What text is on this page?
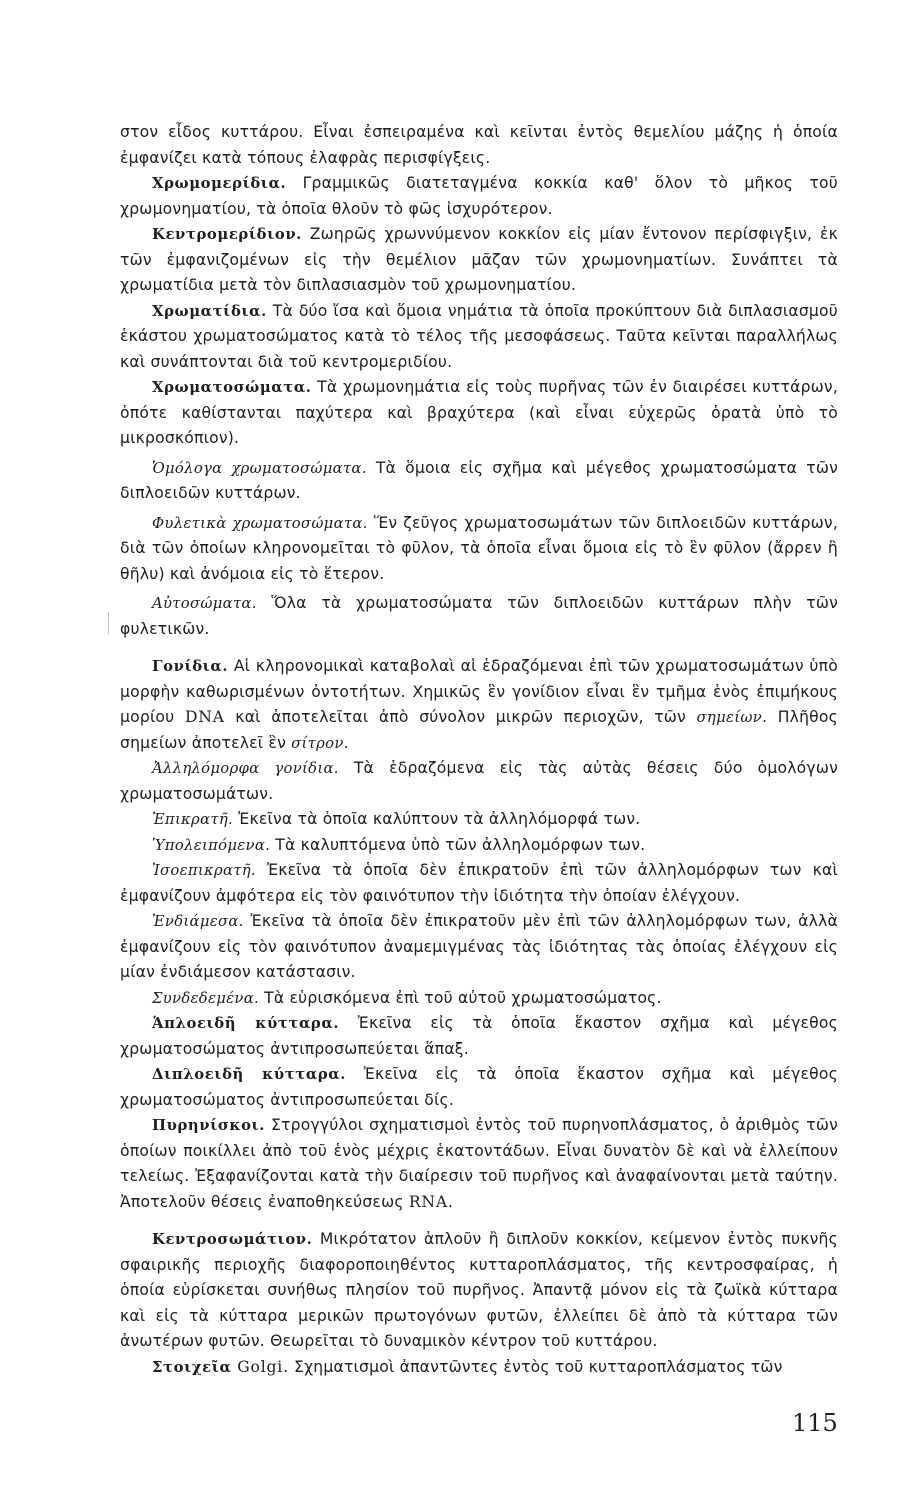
στον εἶδος κυττάρου. Εἶναι ἐσπειραμένα καὶ κεῖνται ἐντὸς θεμελίου μάζης ἡ ὁποία ἐμφανίζει κατὰ τόπους ἐλαφρὰς περισφίγξεις.

Χρωμομερίδια. Γραμμικῶς διατεταγμένα κοκκία καθ' ὅλον τὸ μῆκος τοῦ χρωμονηματίου, τὰ ὁποῖα θλοῦν τὸ φῶς ἰσχυρότερον.

Κεντρομερίδιον. Ζωηρῶς χρωννύμενον κοκκίον εἰς μίαν ἔντονον περίσφιγξιν, ἐκ τῶν ἐμφανιζομένων εἰς τὴν θεμέλιον μᾶζαν τῶν χρωμονηματίων. Συνάπτει τὰ χρωματίδια μετὰ τὸν διπλασιασμὸν τοῦ χρωμονηματίου.

Χρωματίδια. Τὰ δύο ἴσα καὶ ὅμοια νημάτια τὰ ὁποῖα προκύπτουν διὰ διπλασιασμοῦ ἑκάστου χρωματοσώματος κατὰ τὸ τέλος τῆς μεσοφάσεως. Ταῦτα κεῖνται παραλλήλως καὶ συνάπτονται διὰ τοῦ κεντρομεριδίου.

Χρωματοσώματα. Τὰ χρωμονημάτια εἰς τοὺς πυρῆνας τῶν ἐν διαιρέσει κυττάρων, ὁπότε καθίστανται παχύτερα καὶ βραχύτερα (καὶ εἶναι εὐχερῶς ὁρατὰ ὑπὸ τὸ μικροσκόπιον).

Ὁμόλογα χρωματοσώματα. Τὰ ὅμοια εἰς σχῆμα καὶ μέγεθος χρωματοσώματα τῶν διπλοειδῶν κυττάρων.

Φυλετικὰ χρωματοσώματα. Ἕν ζεῦγος χρωματοσωμάτων τῶν διπλοειδῶν κυττάρων, διὰ τῶν ὁποίων κληρονομεῖται τὸ φῦλον, τὰ ὁποῖα εἶναι ὅμοια εἰς τὸ ἓν φῦλον (ἄρρεν ἢ θῆλυ) καὶ ἀνόμοια εἰς τὸ ἕτερον.

Αὐτοσώματα. Ὅλα τὰ χρωματοσώματα τῶν διπλοειδῶν κυττάρων πλὴν τῶν φυλετικῶν.

Γονίδια. Αἱ κληρονομικαὶ καταβολαὶ αἱ ἑδραζόμεναι ἐπὶ τῶν χρωματοσωμάτων ὑπὸ μορφὴν καθωρισμένων ὀντοτήτων. Χημικῶς ἓν γονίδιον εἶναι ἓν τμῆμα ἑνὸς ἐπιμήκους μορίου DNA καὶ ἀποτελεῖται ἀπὸ σύνολον μικρῶν περιοχῶν, τῶν σημείων. Πλῆθος σημείων ἀποτελεῖ ἓν σίτρον.

Ἀλληλόμορφα γονίδια. Τὰ ἑδραζόμενα εἰς τὰς αὐτὰς θέσεις δύο ὁμολόγων χρωματοσωμάτων.

Ἐπικρατῆ. Ἐκεῖνα τὰ ὁποῖα καλύπτουν τὰ ἀλληλόμορφά των.

Ὑπολειπόμενα. Τὰ καλυπτόμενα ὑπὸ τῶν ἀλληλομόρφων των.

Ἰσοεπικρατῆ. Ἐκεῖνα τὰ ὁποῖα δὲν ἐπικρατοῦν ἐπὶ τῶν ἀλληλομόρφων των καὶ ἐμφανίζουν ἀμφότερα εἰς τὸν φαινότυπον τὴν ἰδιότητα τὴν ὁποίαν ἐλέγχουν.

Ἐνδιάμεσα. Ἐκεῖνα τὰ ὁποῖα δὲν ἐπικρατοῦν μὲν ἐπὶ τῶν ἀλληλομόρφων των, ἀλλὰ ἐμφανίζουν εἰς τὸν φαινότυπον ἀναμεμιγμένας τὰς ἰδιότητας τὰς ὁποίας ἐλέγχουν εἰς μίαν ἐνδιάμεσον κατάστασιν.

Συνδεδεμένα. Τὰ εὑρισκόμενα ἐπὶ τοῦ αὐτοῦ χρωματοσώματος.

Ἁπλοειδῆ κύτταρα. Ἐκεῖνα εἰς τὰ ὁποῖα ἕκαστον σχῆμα καὶ μέγεθος χρωματοσώματος ἀντιπροσωπεύεται ἅπαξ.

Διπλοειδῆ κύτταρα. Ἐκεῖνα εἰς τὰ ὁποῖα ἕκαστον σχῆμα καὶ μέγεθος χρωματοσώματος ἀντιπροσωπεύεται δίς.

Πυρηνίσκοι. Στρογγύλοι σχηματισμοὶ ἐντὸς τοῦ πυρηνοπλάσματος, ὁ ἀριθμὸς τῶν ὁποίων ποικίλλει ἀπὸ τοῦ ἑνὸς μέχρις ἑκατοντάδων. Εἶναι δυνατὸν δὲ καὶ νὰ ἐλλείπουν τελείως. Ἐξαφανίζονται κατὰ τὴν διαίρεσιν τοῦ πυρῆνος καὶ ἀναφαίνονται μετὰ ταύτην. Ἀποτελοῦν θέσεις ἐναποθηκεύσεως RNA.

Κεντροσωμάτιον. Μικρότατον ἁπλοῦν ἢ διπλοῦν κοκκίον, κείμενον ἐντὸς πυκνῆς σφαιρικῆς περιοχῆς διαφοροποιηθέντος κυτταροπλάσματος, τῆς κεντροσφαίρας, ἡ ὁποία εὑρίσκεται συνήθως πλησίον τοῦ πυρῆνος. Ἀπαντᾷ μόνον εἰς τὰ ζωϊκὰ κύτταρα καὶ εἰς τὰ κύτταρα μερικῶν πρωτογόνων φυτῶν, ἐλλείπει δὲ ἀπὸ τὰ κύτταρα τῶν ἀνωτέρων φυτῶν. Θεωρεῖται τὸ δυναμικὸν κέντρον τοῦ κυττάρου.

Στοιχεῖα Golgi. Σχηματισμοὶ ἀπαντῶντες ἐντὸς τοῦ κυτταροπλάσματος τῶν

115
